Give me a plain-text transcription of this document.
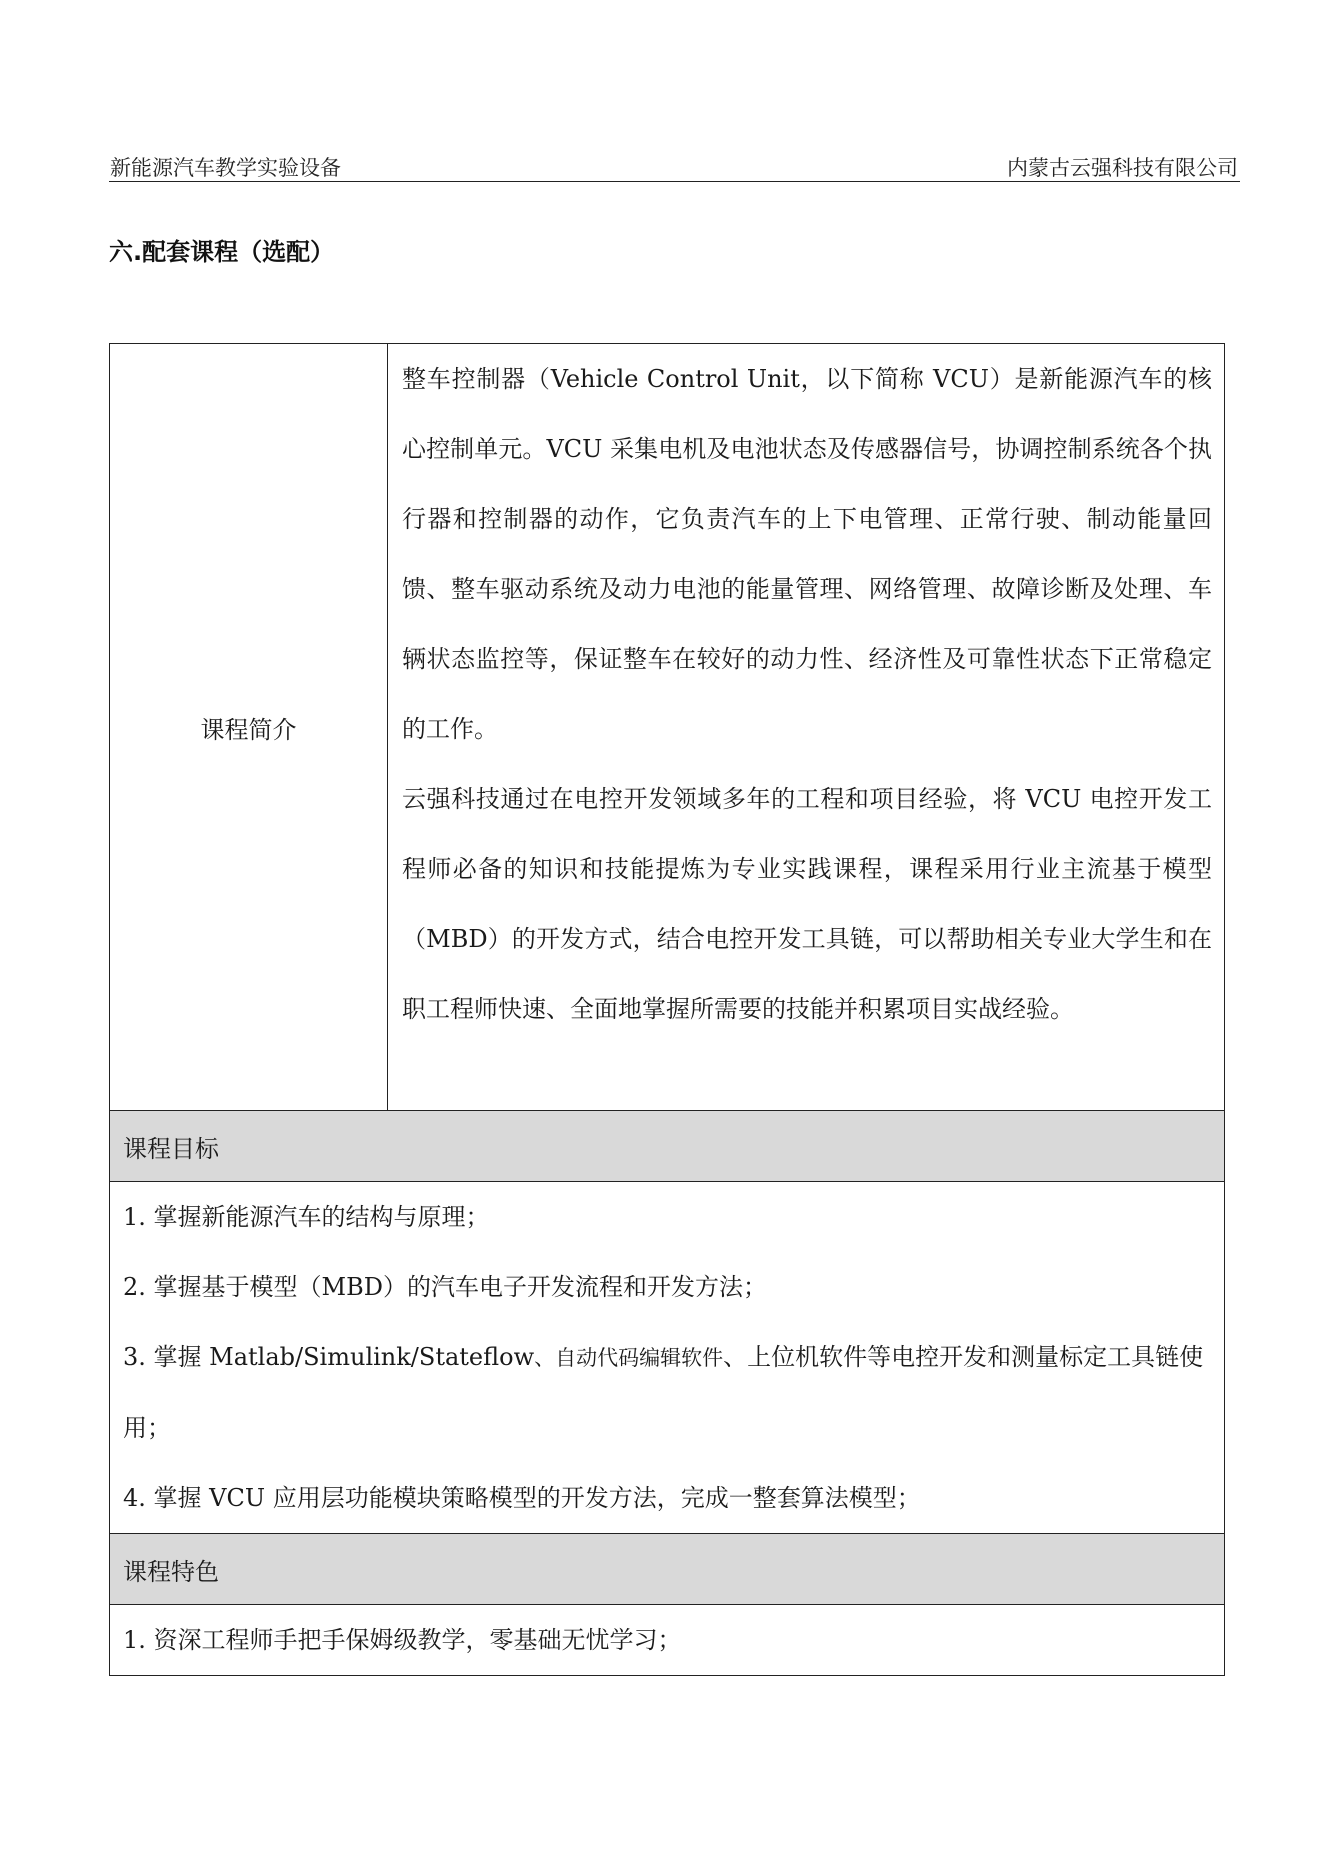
新能源汽车教学实验设备	内蒙古云强科技有限公司
六.配套课程（选配）
课程简介	

整车控制器（Vehicle Control Unit，以下简称 VCU）是新能源汽车的核心控制单元。VCU 采集电机及电池状态及传感器信号，协调控制系统各个执行器和控制器的动作，它负责汽车的上下电管理、正常行驶、制动能量回馈、整车驱动系统及动力电池的能量管理、网络管理、故障诊断及处理、车辆状态监控等，保证整车在较好的动力性、经济性及可靠性状态下正常稳定的工作。

云强科技通过在电控开发领域多年的工程和项目经验，将 VCU 电控开发工程师必备的知识和技能提炼为专业实践课程，课程采用行业主流基于模型（MBD）的开发方式，结合电控开发工具链，可以帮助相关专业大学生和在职工程师快速、全面地掌握所需要的技能并积累项目实战经验。

课程目标

1. 掌握新能源汽车的结构与原理；

2. 掌握基于模型（MBD）的汽车电子开发流程和开发方法；

3. 掌握 Matlab/Simulink/Stateflow、自动代码编辑软件、上位机软件等电控开发和测量标定工具链使用；

4. 掌握 VCU 应用层功能模块策略模型的开发方法，完成一整套算法模型；

课程特色

1. 资深工程师手把手保姆级教学，零基础无忧学习；
